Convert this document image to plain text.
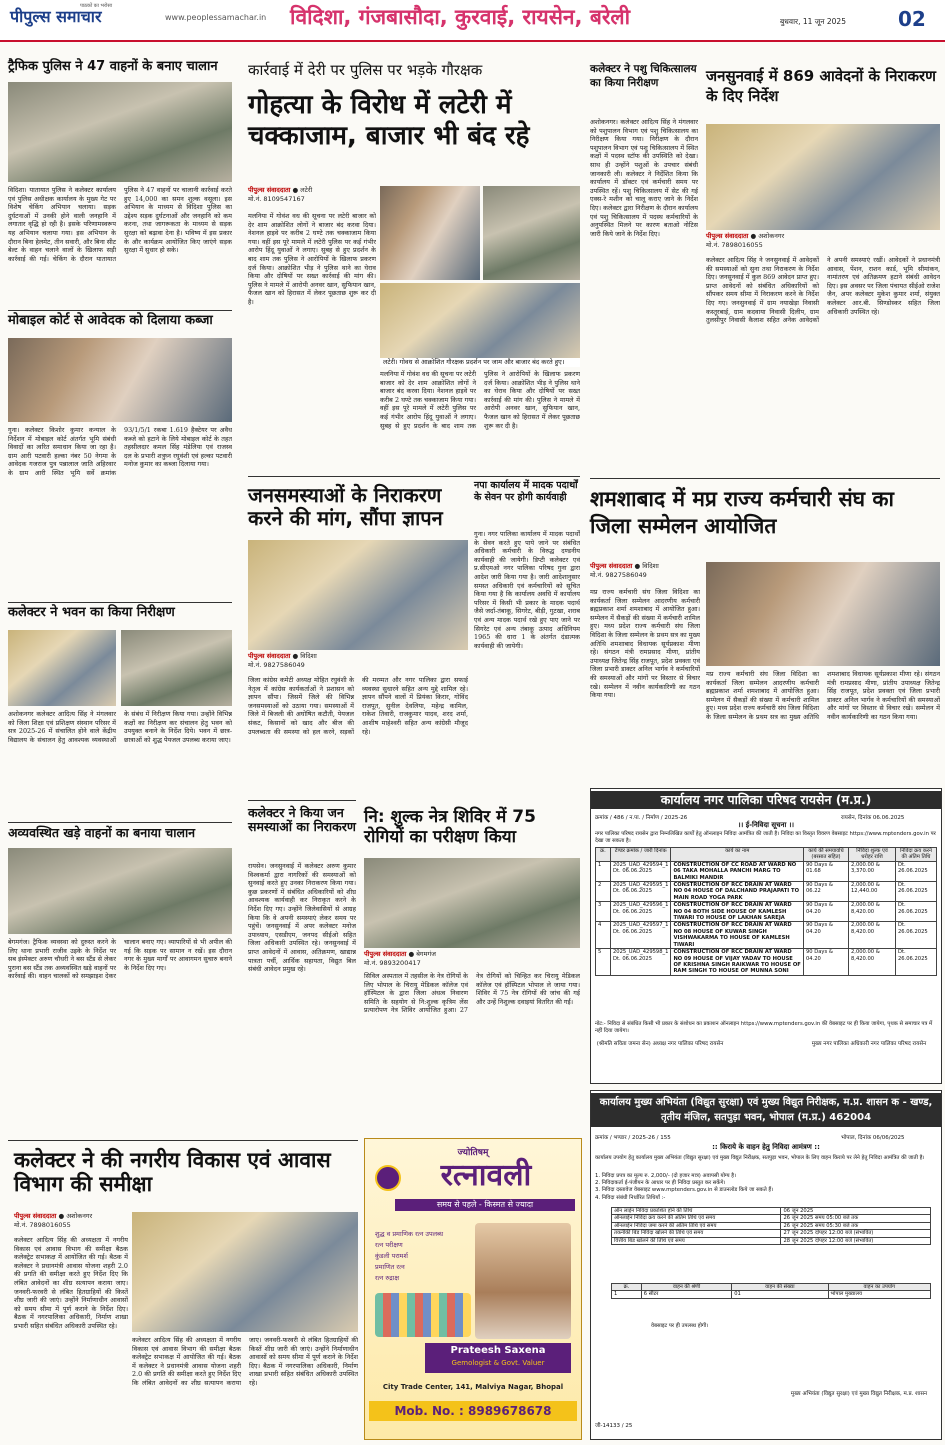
पाठकों का भरोसा
पीपुल्स समाचार	www.peoplessamachar.in विदिशा, गंजबासौदा, कुरवाई, रायसेन, बरेली	बुधवार, 11 जून 2025	02
ट्रैफिक पुलिस ने 47 वाहनों के बनाए चालान
विदिशा। यातायात पुलिस ने कलेक्टर कार्यालय एवं पुलिस अधीक्षक कार्यालय के मुख्य गेट पर विशेष चेकिंग अभियान चलाया। सड़क दुर्घटनाओं में उनकी होने वाली जनहानि में लगातार वृद्धि हो रही है। इसके परिणामस्वरूप यह अभियान चलाया गया। इस अभियान के दौरान बिना हेलमेट, तीन सवारी, और बिना सीट बेल्ट के वाहन चलाने वालों के खिलाफ सड़ी कार्रवाई की गई। चेकिंग के दौरान यातायात पुलिस ने 47 वाहनों पर चालानी कार्रवाई करते हुए 14,000 का समन शुल्क वसूला। इस अभियान के माध्यम से विदिशा पुलिस का उद्देश्य सड़क दुर्घटनाओं और जनहानि को कम करना, तथा जागरूकता के माध्यम से सड़क सुरक्षा को बढ़ावा देना है। भविष्य में इस प्रकार के और कार्यक्रम आयोजित किए जाएंगे सड़क सुरक्षा में सुधार हो सके।
मोबाइल कोर्ट से आवेदक को दिलाया कब्जा
गुना। कलेक्टर किशोर कुमार कन्याल के निर्देशन में मोबाइल कोर्ट अंतर्गत भूमि संबंधी विवादों का त्वरित समाधान किया जा रहा है। ग्राम आरी पटवारी हल्का नंबर 50 नेगमा के आवेदक गजराज पुत्र पन्नालाल जाति अहिरवार के ग्राम आरी स्थित भूमि सर्वे क्रमांक 93/1/5/1 रकबा 1.619 हैक्टेयर पर अवैध कब्जे को हटाने के लिये मोबाइल कोर्ट के तहत तहसीलदार कमल सिंह मंडेलिया एवं राजस्व दल के प्रभारी शत्रुघ्न रघुवंशी एवं हल्का पटवारी मनोज कुमार का कब्जा दिलाया गया।
कलेक्टर ने भवन का किया निरीक्षण
अशोकनगर कलेक्टर आदित्य सिंह ने मंगलवार को जिला शिक्षा एवं प्रशिक्षण संस्थान परिसर में सत्र 2025-26 में संचालित होने वाले केंद्रीय विद्यालय के संचालन हेतु आवश्यक व्यवस्थाओं के संबंध में निरीक्षण किया गया। उन्होंने विभिन्न कक्षों का निरीक्षण कर संचालन हेतु भवन को उपयुक्त बनाने के निर्देश दिये। भवन में छात्र-छात्राओं को शुद्ध पेयजल उपलब्ध कराया जाए।
अव्यवस्थित खड़े वाहनों का बनाया चालान
बेगमगंज। ट्रैफिक व्यवस्था को दुरुस्त करने के लिए थाना प्रभारी राजीव उइके के निर्देश पर सब इंस्पेक्टर अरुण चौधरी ने बस स्टैंड से लेकर पुराना बस स्टैंड तक अव्यवस्थित खड़े वाहनों पर कार्रवाई की। वाहन चालकों को समझाइश देकर चालान बनाए गए। व्यापारियों से भी अपील की गई कि सड़क पर सामान न रखें। इस दौरान नगर के मुख्य मार्गों पर आवागमन सुचारु बनाने के निर्देश दिए गए।
कार्रवाई में देरी पर पुलिस पर भड़के गौरक्षक
गोहत्या के विरोध में लटेरी में चक्काजाम, बाजार भी बंद रहे
पीपुल्स संवाददाता ● लटेरी
मो.नं. 8109547167
लटेरी। गोवध से आक्रोशित गौरक्षक प्रदर्शन पर जाम और बाजार बंद करते हुए।
मलनिया में गोवंश वध की सूचना पर लटेरी बाजार को देर शाम आक्रोशित लोगों ने बाजार बंद करवा दिया। नेशनल हाइवे पर करीब 2 घण्टे तक चक्काजाम किया गया। वहीं इस पूरे मामले में लटेरी पुलिस पर कई गंभीर आरोप हिंदू युवाओं ने लगाए। सुबह से हुए प्रदर्शन के बाद शाम तक पुलिस ने आरोपियों के खिलाफ प्रकरण दर्ज किया। आक्रोशित भीड़ ने पुलिस थाने का घेराव किया और दोषियों पर सख्त कार्रवाई की मांग की। पुलिस ने मामले में आरोपी अनवर खान, सुफियान खान, फैजल खान को हिरासत में लेकर पूछताछ शुरू कर दी है।
मलनिया में गोवंश वध की सूचना पर लटेरी बाजार को देर शाम आक्रोशित लोगों ने बाजार बंद करवा दिया। नेशनल हाइवे पर करीब 2 घण्टे तक चक्काजाम किया गया। वहीं इस पूरे मामले में लटेरी पुलिस पर कई गंभीर आरोप हिंदू युवाओं ने लगाए। सुबह से हुए प्रदर्शन के बाद शाम तक पुलिस ने आरोपियों के खिलाफ प्रकरण दर्ज किया। आक्रोशित भीड़ ने पुलिस थाने का घेराव किया और दोषियों पर सख्त कार्रवाई की मांग की। पुलिस ने मामले में आरोपी अनवर खान, सुफियान खान, फैजल खान को हिरासत में लेकर पूछताछ शुरू कर दी है।
जनसमस्याओं के निराकरण करने की मांग, सौंपा ज्ञापन
पीपुल्स संवाददाता ● विदिशा
मो.नं. 9827586049
जिला कांग्रेस कमेटी अध्यक्ष मोहित रघुवंशी के नेतृत्व में कांग्रेस कार्यकर्ताओं ने प्रशासन को ज्ञापन सौंपा। जिसमें जिले की विभिन्न जनसमस्याओं को उठाया गया। समस्याओं में जिले में बिजली की अघोषित कटौती, पेयजल संकट, किसानों को खाद और बीज की उपलब्धता की समस्या को हल करने, सड़कों की मरम्मत और नगर पालिका द्वारा सफाई व्यवस्था सुधारने सहित अन्य मुद्दे शामिल रहे। ज्ञापन सौंपने वालों में प्रियंका किरार, गोविंद राजपूत, सुनील देवलिया, महेन्द्र कामिल, राकेश तिवारी, राजकुमार यादव, शरद शर्मा, आशीष माहेश्वरी सहित अन्य कांग्रेसी मौजूद रहे।
नपा कार्यालय में मादक पदार्थों के सेवन पर होगी कार्यवाही
गुना। नगर पालिका कार्यालय में मादक पदार्थों के सेवन करते हुए पाये जाने पर संबंधित अधिकारी कर्मचारी के विरुद्ध दण्डनीय कार्यवाही की जायेगी। डिप्टी कलेक्टर एवं प्र.सीएमओ नगर पालिका परिषद गुना द्वारा आदेश जारी किया गया है। जारी आदेशानुसार समस्त अधिकारी एवं कर्मचारियों को सूचित किया गया है कि कार्यालय अवधि में कार्यालय परिसर में किसी भी प्रकार के मादक पदार्थ जैसे जर्दा-तंबाकू, सिगरेट, बीड़ी, गुटखा, शराब एवं अन्य मादक पदार्थ रखे हुए पाए जाने पर सिगरेट एवं अन्य तंबाकू उत्पाद अधिनियम 1965 की धारा 1 के अंतर्गत दंडात्मक कार्यवाही की जायेगी।
कलेक्टर ने किया जन समस्याओं का निराकरण
रायसेन। जनसुनवाई में कलेक्टर अरुण कुमार विश्वकर्मा द्वारा नागरिकों की समस्याओं को सुनवाई करते हुए उनका निराकरण किया गया। कुछ प्रकरणों में संबंधित अधिकारियों को शीघ्र आवश्यक कार्यवाही कर निराकृत करने के निर्देश दिए गए। उन्होंने जिलेवासियों से आग्रह किया कि वे अपनी समस्याएं लेकर समय पर पहुंचें। जनसुनवाई में अपर कलेक्टर मनोज उपाध्याय, एसडीएम, जनपद सीईओ सहित जिला अधिकारी उपस्थित रहे। जनसुनवाई में प्राप्त आवेदनों में आवास, अतिक्रमण, खाद्यान्न पात्रता पर्ची, आर्थिक सहायता, विद्युत बिल संबंधी आवेदन प्रमुख रहे।
नि: शुल्क नेत्र शिविर में 75 रोगियों का परीक्षण किया
पीपुल्स संवाददाता ● बेगमगंज
मो.नं. 9893200417
सिविल अस्पताल में तहसील के नेत्र रोगियों के लिए भोपाल के चिरायु मेडिकल कॉलेज एवं हॉस्पिटल के द्वारा जिला अंधत्व निवारण समिति के सहयोग से नि:शुल्क कृत्रिम लेंस प्रत्यारोपण नेत्र शिविर आयोजित हुआ। 27 नेत्र रोगियों को चिन्हित कर चिरायु मेडिकल कॉलेज एवं हॉस्पिटल भोपाल ले जाया गया। शिविर में 75 नेत्र रोगियों की जांच की गई और उन्हें निशुल्क दवाइयां वितरित की गईं।
कलेक्टर ने की नगरीय विकास एवं आवास विभाग की समीक्षा
पीपुल्स संवाददाता ● अशोकनगर
मो.नं. 7898016055
कलेक्टर आदित्य सिंह की अध्यक्षता में नगरीय विकास एवं आवास विभाग की समीक्षा बैठक कलेक्ट्रेट सभाकक्ष में आयोजित की गई। बैठक में कलेक्टर ने प्रधानमंत्री आवास योजना शहरी 2.0 की प्रगति की समीक्षा करते हुए निर्देश दिए कि लंबित आवेदनों का शीघ्र सत्यापन कराया जाए। जनवरी-फरवरी से लंबित हितग्राहियों की किस्तें शीघ्र जारी की जाएं। उन्होंने निर्माणाधीन आवासों को समय सीमा में पूर्ण कराने के निर्देश दिए। बैठक में नगरपालिका अधिकारी, निर्माण शाखा प्रभारी सहित संबंधित अधिकारी उपस्थित रहे।
कलेक्टर आदित्य सिंह की अध्यक्षता में नगरीय विकास एवं आवास विभाग की समीक्षा बैठक कलेक्ट्रेट सभाकक्ष में आयोजित की गई। बैठक में कलेक्टर ने प्रधानमंत्री आवास योजना शहरी 2.0 की प्रगति की समीक्षा करते हुए निर्देश दिए कि लंबित आवेदनों का शीघ्र सत्यापन कराया जाए। जनवरी-फरवरी से लंबित हितग्राहियों की किस्तें शीघ्र जारी की जाएं। उन्होंने निर्माणाधीन आवासों को समय सीमा में पूर्ण कराने के निर्देश दिए। बैठक में नगरपालिका अधिकारी, निर्माण शाखा प्रभारी सहित संबंधित अधिकारी उपस्थित रहे।
ज्योतिषम्
रत्नावली
समय से पहले - किस्मत से ज्यादा
शुद्ध व प्रमाणिक रत्न उपलब्ध
रत्न परीक्षण
कुंडली परामर्श
प्रमाणित रत्न
रत्न रुद्राक्ष
Prateesh Saxena
Gemologist & Govt. Valuer
City Trade Center, 141, Malviya Nagar, Bhopal
Mob. No. : 8989678678
कलेक्टर ने पशु चिकित्सालय का किया निरीक्षण
अशोकनगर। कलेक्टर आदित्य सिंह ने मंगलवार को पशुपालन विभाग एवं पशु चिकित्सालय का निरीक्षण किया गया। निरीक्षण के दौरान पशुपालन विभाग एवं पशु चिकित्सालय में स्थित कक्षों में पदस्थ स्टॉफ की उपस्थिति को देखा। साथ ही उन्होंने पशुओं के उपचार संबंधी जानकारी ली। कलेक्टर ने निर्देशित किया कि कार्यालय में डॉक्टर एवं कर्मचारी समय पर उपस्थित रहें। पशु चिकित्सालय में सेट की गई एक्स-रे मशीन को चालू कराए जाने के निर्देश दिए। कलेक्टर द्वारा निरीक्षण के दौरान कार्यालय एवं पशु चिकित्सालय में पदस्थ कर्मचारियों के अनुपस्थित मिलने पर कारण बताओ नोटिस जारी किये जाने के निर्देश दिए।
जनसुनवाई में 869 आवेदनों के निराकरण के दिए निर्देश
पीपुल्स संवाददाता ● अशोकनगर
मो.नं. 7898016055
कलेक्टर आदित्य सिंह ने जनसुनवाई में आवेदकों की समस्याओं को सुना तथा निराकरण के निर्देश दिए। जनसुनवाई में कुल 869 आवेदन प्राप्त हुए। प्राप्त आवेदनों को संबंधित अधिकारियों को सौंपकर समय सीमा में निराकरण करने के निर्देश दिए गए। जनसुनवाई में ग्राम नयाखेड़ा निवासी कस्तूरबाई, ग्राम कदवाया निवासी दिलीप, ग्राम तुलसीपुर निवासी कैलाश सहित अनेक आवेदकों ने अपनी समस्याएं रखीं। आवेदकों ने प्रधानमंत्री आवास, पेंशन, राशन कार्ड, भूमि सीमांकन, नामांतरण एवं अतिक्रमण हटाने संबंधी आवेदन दिए। इस अवसर पर जिला पंचायत सीईओ राजेश जैन, अपर कलेक्टर मुकेश कुमार शर्मा, संयुक्त कलेक्टर आर.बी. सिण्डोस्कर सहित जिला अधिकारी उपस्थित रहे।
शमशाबाद में मप्र राज्य कर्मचारी संघ का जिला सम्मेलन आयोजित
पीपुल्स संवाददाता ● विदिशा
मो.नं. 9827586049
मप्र राज्य कर्मचारी संघ जिला विदिशा का कार्यकर्ता जिला सम्मेलन आदरणीय कर्मचारी ब्रह्मप्रकाश शर्मा शमशाबाद में आयोजित हुआ। सम्मेलन में सैकड़ों की संख्या में कर्मचारी शामिल हुए। मध्य प्रदेश राज्य कर्मचारी संघ जिला विदिशा के जिला सम्मेलन के प्रथम सत्र का मुख्य अतिथि शमशाबाद विधायक सूर्यप्रकाश मीणा रहे। संगठन मंत्री रामप्रसाद मीणा, प्रांतीय उपाध्यक्ष जितेन्द्र सिंह राजपूत, प्रदेश प्रवक्ता एवं जिला प्रभारी डाक्टर अनिल भार्गव ने कर्मचारियों की समस्याओं और मांगों पर विस्तार से विचार रखे। सम्मेलन में नवीन कार्यकारिणी का गठन किया गया।
मप्र राज्य कर्मचारी संघ जिला विदिशा का कार्यकर्ता जिला सम्मेलन आदरणीय कर्मचारी ब्रह्मप्रकाश शर्मा शमशाबाद में आयोजित हुआ। सम्मेलन में सैकड़ों की संख्या में कर्मचारी शामिल हुए। मध्य प्रदेश राज्य कर्मचारी संघ जिला विदिशा के जिला सम्मेलन के प्रथम सत्र का मुख्य अतिथि शमशाबाद विधायक सूर्यप्रकाश मीणा रहे। संगठन मंत्री रामप्रसाद मीणा, प्रांतीय उपाध्यक्ष जितेन्द्र सिंह राजपूत, प्रदेश प्रवक्ता एवं जिला प्रभारी डाक्टर अनिल भार्गव ने कर्मचारियों की समस्याओं और मांगों पर विस्तार से विचार रखे। सम्मेलन में नवीन कार्यकारिणी का गठन किया गया।
कार्यालय नगर पालिका परिषद रायसेन (म.प्र.)
क्रमांक / 486 / न.पा. / निर्माण / 2025-26	रायसेन, दिनांक 06.06.2025
।। ई-निविदा सूचना ।।
नगर पालिका परिषद रायसेन द्वारा निम्नलिखित कार्यों हेतु ऑनलाइन निविदा आमंत्रित की जाती है। निविदा का विस्तृत विवरण वेबसाइट https://www.mptenders.gov.in पर देखा जा सकता है।
क्र.	टेण्डर क्रमांक / जारी दिनांक	कार्य का नाम	कार्य की समयावधि (बरसात सहित)	निविदा शुल्क एवं धरोहर राशि	निविदा क्रय करने की अंतिम तिथि
1	2025_UAD_429594_1 Dt. 06.06.2025	CONSTRUCTION OF CC ROAD AT WARD NO 06 TAKA MOHALLA PANCHI MARG TO BALMIKI MANDIR	90 Days & 01.68	2,000.00 & 3,370.00	Dt. 26.06.2025
2	2025_UAD_429595_1 Dt. 06.06.2025	CONSTRUCTION OF RCC DRAIN AT WARD NO 04 HOUSE OF DALCHAND PRAJAPATI TO MAIN ROAD YOGA PARK	90 Days & 06.22	2,000.00 & 12,440.00	Dt. 26.06.2025
3	2025_UAD_429596_1 Dt. 06.06.2025	CONSTRUCTION OF RCC DRAIN AT WARD NO 04 BOTH SIDE HOUSE OF KAMLESH TIWARI TO HOUSE OF LAKHAN SAREJA	90 Days & 04.20	2,000.00 & 8,420.00	Dt. 26.06.2025
4	2025_UAD_429597_1 Dt. 06.06.2025	CONSTRUCTION OF RCC DRAIN AT WARD NO 08 HOUSE OF KUWAR SINGH VISHWAKARMA TO HOUSE OF KAMLESH TIWARI	90 Days & 04.20	2,000.00 & 8,420.00	Dt. 26.06.2025
5	2025_UAD_429598_1 Dt. 06.06.2025	CONSTRUCTION OF RCC DRAIN AT WARD NO 09 HOUSE OF VIJAY YADAV TO HOUSE OF KRISHNA SINGH RAIKWAR TO HOUSE OF RAM SINGH TO HOUSE OF MUNNA SONI	90 Days & 04.20	2,000.00 & 8,420.00	Dt. 26.06.2025
नोट:- निविदा से संबंधित किसी भी प्रकार के संशोधन का प्रकाशन ऑनलाइन https://www.mptenders.gov.in की वेबसाइट पर ही किया जायेगा, पृथक से समाचार पत्र में नहीं दिया जायेगा।
(श्रीमति सविता जमना सेन) अध्यक्ष नगर पालिका परिषद रायसेन	मुख्य नगर पालिका अधिकारी नगर पालिका परिषद रायसेन
कार्यालय मुख्य अभियंता (विद्युत सुरक्षा) एवं मुख्य विद्युत निरीक्षक, म.प्र. शासन क - खण्ड, तृतीय मंजिल, सतपुड़ा भवन, भोपाल (म.प्र.) 462004
क्रमांक / भण्डार / 2025-26 / 155	भोपाल, दिनांक 06/06/2025
:: किराये के वाहन हेतु निविदा आमंत्रण ::
कार्यालय उपयोग हेतु कार्यालय मुख्य अभियंता (विद्युत सुरक्षा) एवं मुख्य विद्युत निरीक्षक, सतपुड़ा भवन, भोपाल के लिए वाहन किराये पर लेने हेतु निविदा आमंत्रित की जाती है।
1. निविदा प्रपत्र का मूल्य रु. 2,000/- (दो हजार मात्र) अवापसी योग्य है।
2. निविदाकर्ता ई-पंजीयन के आधार पर ही निविदा प्रस्तुत कर सकेंगे।
3. निविदा दस्तावेज वेबसाइट www.mptenders.gov.in से डाउनलोड किये जा सकते हैं।
4. निविदा संबंधी निर्धारित तिथियाँ :-
ऑन लाईन निविदा प्रकाशित होने की तिथि	06 जून 2025
ऑनलाईन निविदा क्रय करने की अंतिम तिथि एवं समय	26 जून 2025 समय 05:00 बजे तक
ऑनलाईन निविदा जमा करने की अंतिम तिथि एवं समय	26 जून 2025 समय 05:30 बजे तक
तकनीकी बिड निविदा खोलने की तिथि एवं समय	27 जून 2025 दोपहर 12:00 बजे (संभावित)
वित्तीय बिड खोलने की तिथि एवं समय	28 जून 2025 दोपहर 12:00 बजे (संभावित)
क्र.	वाहन की श्रेणी	वाहन की संख्या	वाहन का उपयोग
1	6 सीटर	01	भोपाल मुख्यालय
वेबसाइट पर ही उपलब्ध होगी।
मुख्य अभियंता (विद्युत सुरक्षा) एवं मुख्य विद्युत निरीक्षक, म.प्र. शासन
जी-14133 / 25
